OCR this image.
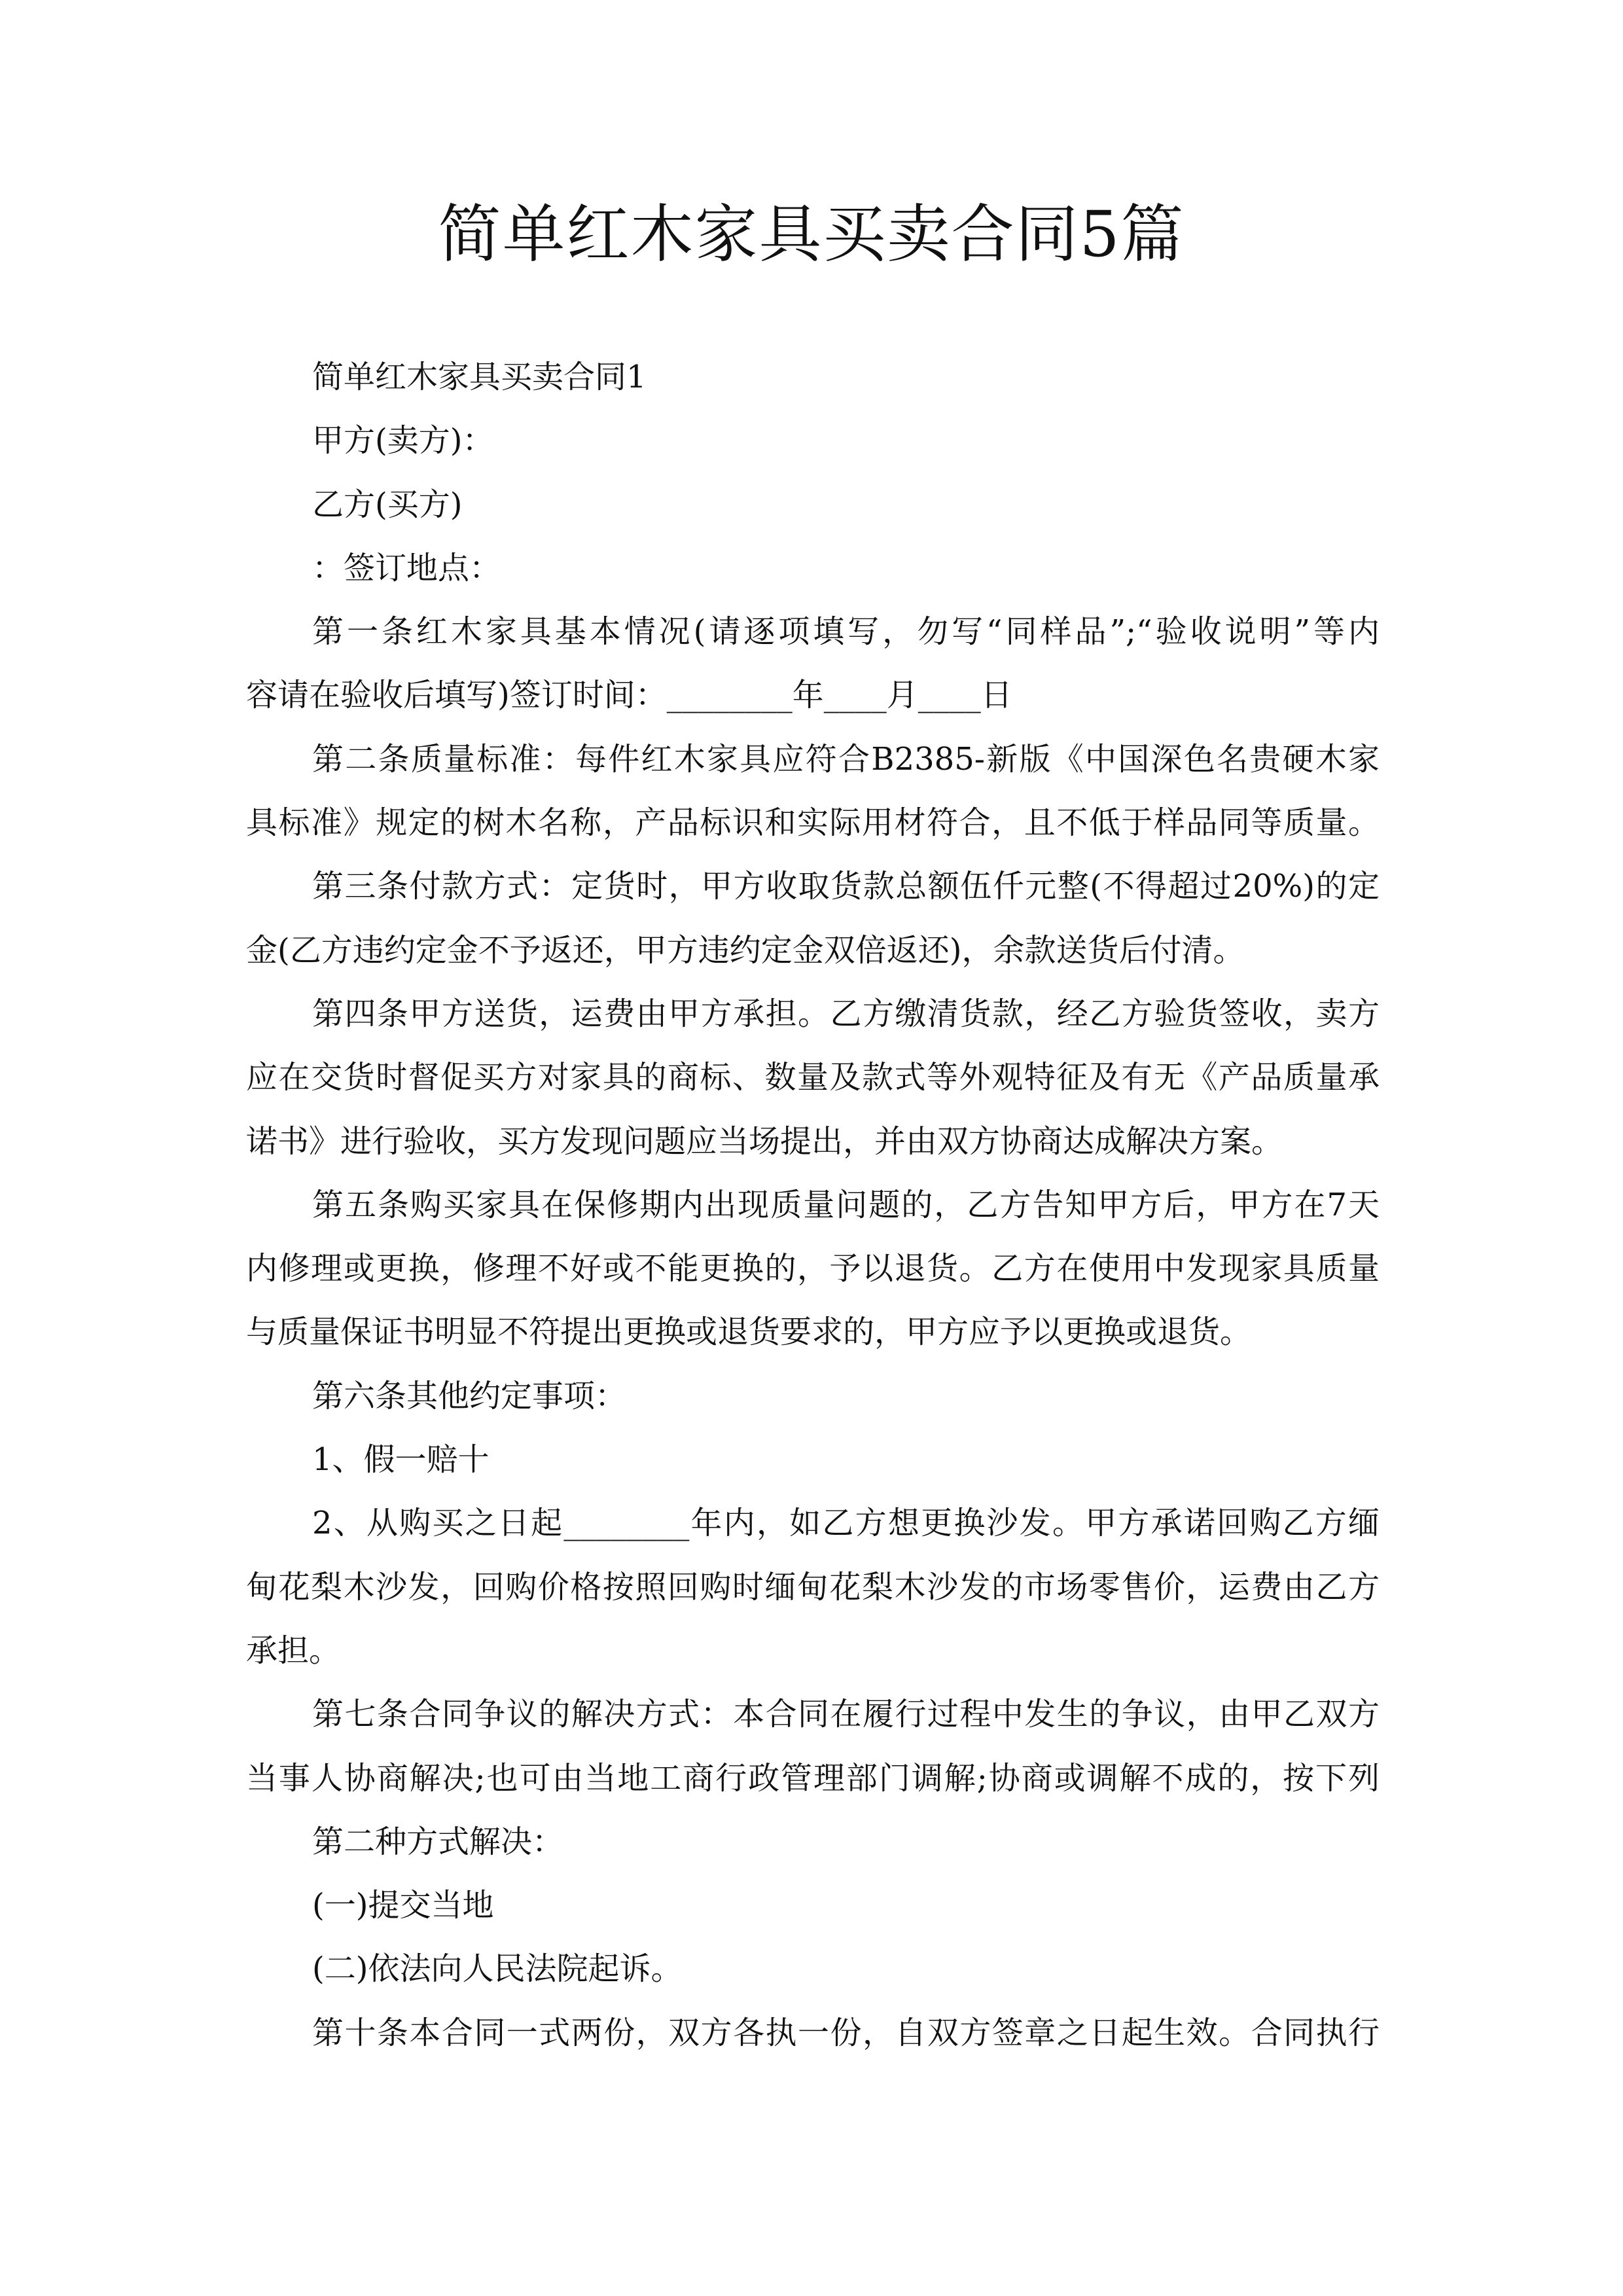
简单红木家具买卖合同5篇
简单红木家具买卖合同1
甲方(卖方)：
乙方(买方)
：签订地点：
第一条红木家具基本情况(请逐项填写，勿写“同样品”;“验收说明”等内
容请在验收后填写)签订时间：________年____月____日
第二条质量标准：每件红木家具应符合B2385-新版《中国深色名贵硬木家
具标准》规定的树木名称，产品标识和实际用材符合，且不低于样品同等质量。
第三条付款方式：定货时，甲方收取货款总额伍仟元整(不得超过20%)的定
金(乙方违约定金不予返还，甲方违约定金双倍返还)，余款送货后付清。
第四条甲方送货，运费由甲方承担。乙方缴清货款，经乙方验货签收，卖方
应在交货时督促买方对家具的商标、数量及款式等外观特征及有无《产品质量承
诺书》进行验收，买方发现问题应当场提出，并由双方协商达成解决方案。
第五条购买家具在保修期内出现质量问题的，乙方告知甲方后，甲方在7天
内修理或更换，修理不好或不能更换的，予以退货。乙方在使用中发现家具质量
与质量保证书明显不符提出更换或退货要求的，甲方应予以更换或退货。
第六条其他约定事项：
1、假一赔十
2、从购买之日起________年内，如乙方想更换沙发。甲方承诺回购乙方缅
甸花梨木沙发，回购价格按照回购时缅甸花梨木沙发的市场零售价，运费由乙方
承担。
第七条合同争议的解决方式：本合同在履行过程中发生的争议，由甲乙双方
当事人协商解决;也可由当地工商行政管理部门调解;协商或调解不成的，按下列
第二种方式解决：
(一)提交当地
(二)依法向人民法院起诉。
第十条本合同一式两份，双方各执一份，自双方签章之日起生效。合同执行
